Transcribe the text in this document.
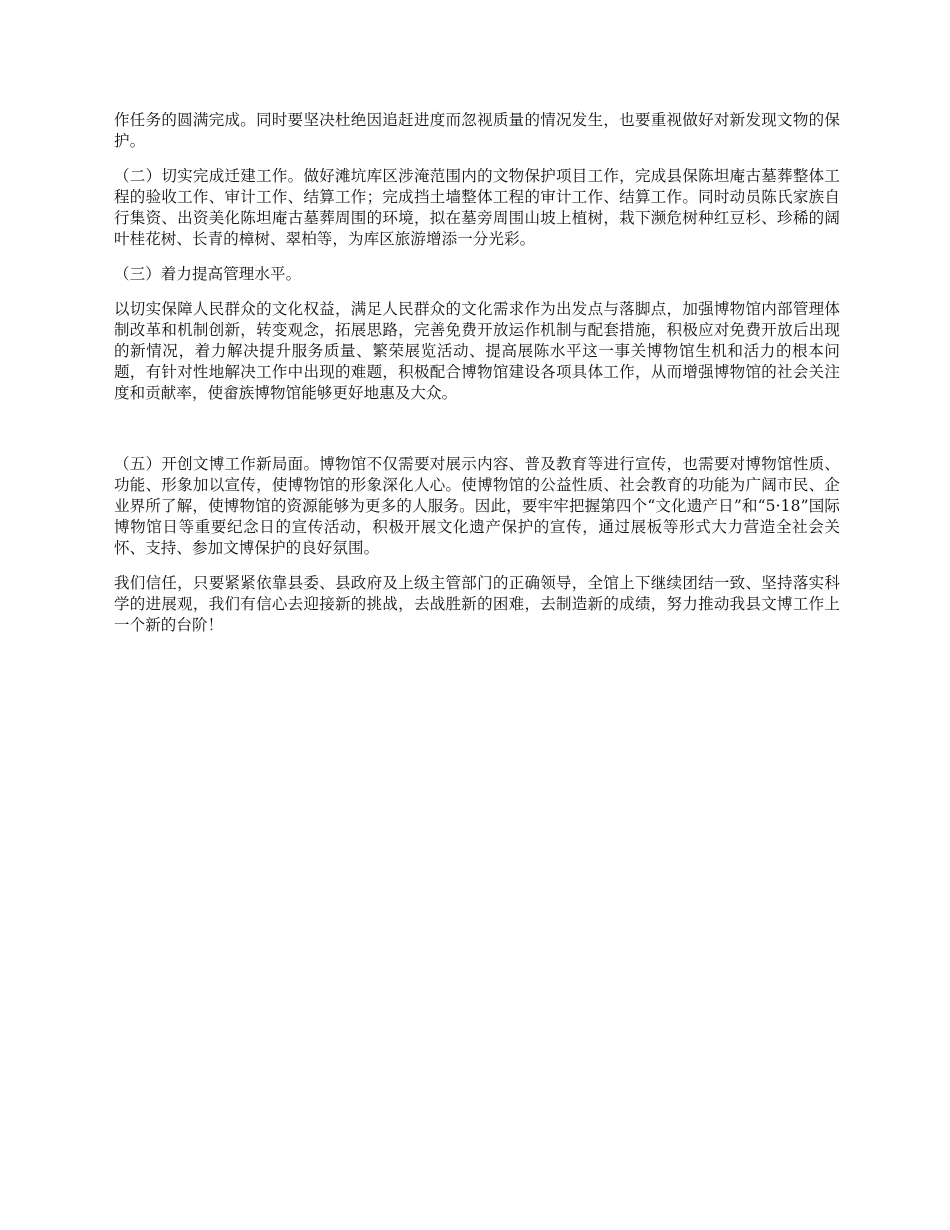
作任务的圆满完成。同时要坚决杜绝因追赶进度而忽视质量的情况发生，也要重视做好对新发现文物的保护。

（二）切实完成迁建工作。做好滩坑库区涉淹范围内的文物保护项目工作，完成县保陈坦庵古墓葬整体工程的验收工作、审计工作、结算工作；完成挡土墙整体工程的审计工作、结算工作。同时动员陈氏家族自行集资、出资美化陈坦庵古墓葬周围的环境，拟在墓旁周围山坡上植树，栽下濒危树种红豆杉、珍稀的阔叶桂花树、长青的樟树、翠柏等，为库区旅游增添一分光彩。

（三）着力提高管理水平。

以切实保障人民群众的文化权益，满足人民群众的文化需求作为出发点与落脚点，加强博物馆内部管理体制改革和机制创新，转变观念，拓展思路，完善免费开放运作机制与配套措施，积极应对免费开放后出现的新情况，着力解决提升服务质量、繁荣展览活动、提高展陈水平这一事关博物馆生机和活力的根本问题，有针对性地解决工作中出现的难题，积极配合博物馆建设各项具体工作，从而增强博物馆的社会关注度和贡献率，使畲族博物馆能够更好地惠及大众。

（五）开创文博工作新局面。博物馆不仅需要对展示内容、普及教育等进行宣传，也需要对博物馆性质、功能、形象加以宣传，使博物馆的形象深化人心。使博物馆的公益性质、社会教育的功能为广阔市民、企业界所了解，使博物馆的资源能够为更多的人服务。因此，要牢牢把握第四个“文化遗产日”和“5·18”国际博物馆日等重要纪念日的宣传活动，积极开展文化遗产保护的宣传，通过展板等形式大力营造全社会关怀、支持、参加文博保护的良好氛围。

我们信任，只要紧紧依靠县委、县政府及上级主管部门的正确领导，全馆上下继续团结一致、坚持落实科学的进展观，我们有信心去迎接新的挑战，去战胜新的困难，去制造新的成绩，努力推动我县文博工作上一个新的台阶！
